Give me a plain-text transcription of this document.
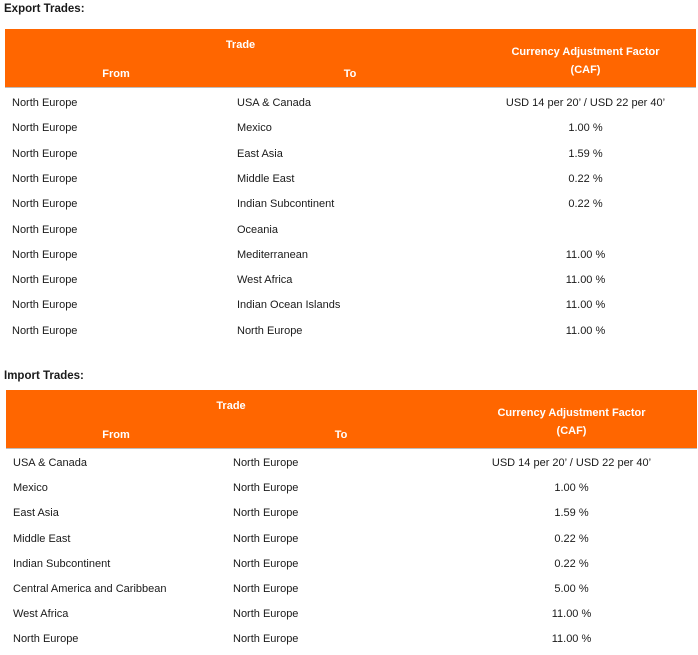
Export Trades:
Trade
From	To
Currency Adjustment Factor
(CAF)
North Europe	USA & Canada	USD 14 per 20’ / USD 22 per 40’
North Europe	Mexico	1.00 %
North Europe	East Asia	1.59 %
North Europe	Middle East	0.22 %
North Europe	Indian Subcontinent	0.22 %
North Europe	Oceania
North Europe	Mediterranean	11.00 %
North Europe	West Africa	11.00 %
North Europe	Indian Ocean Islands	11.00 %
North Europe	North Europe	11.00 %
Import Trades:
Trade
From	To
Currency Adjustment Factor
(CAF)
USA & Canada	North Europe	USD 14 per 20’ / USD 22 per 40’
Mexico	North Europe	1.00 %
East Asia	North Europe	1.59 %
Middle East	North Europe	0.22 %
Indian Subcontinent	North Europe	0.22 %
Central America and Caribbean	North Europe	5.00 %
West Africa	North Europe	11.00 %
North Europe	North Europe	11.00 %
